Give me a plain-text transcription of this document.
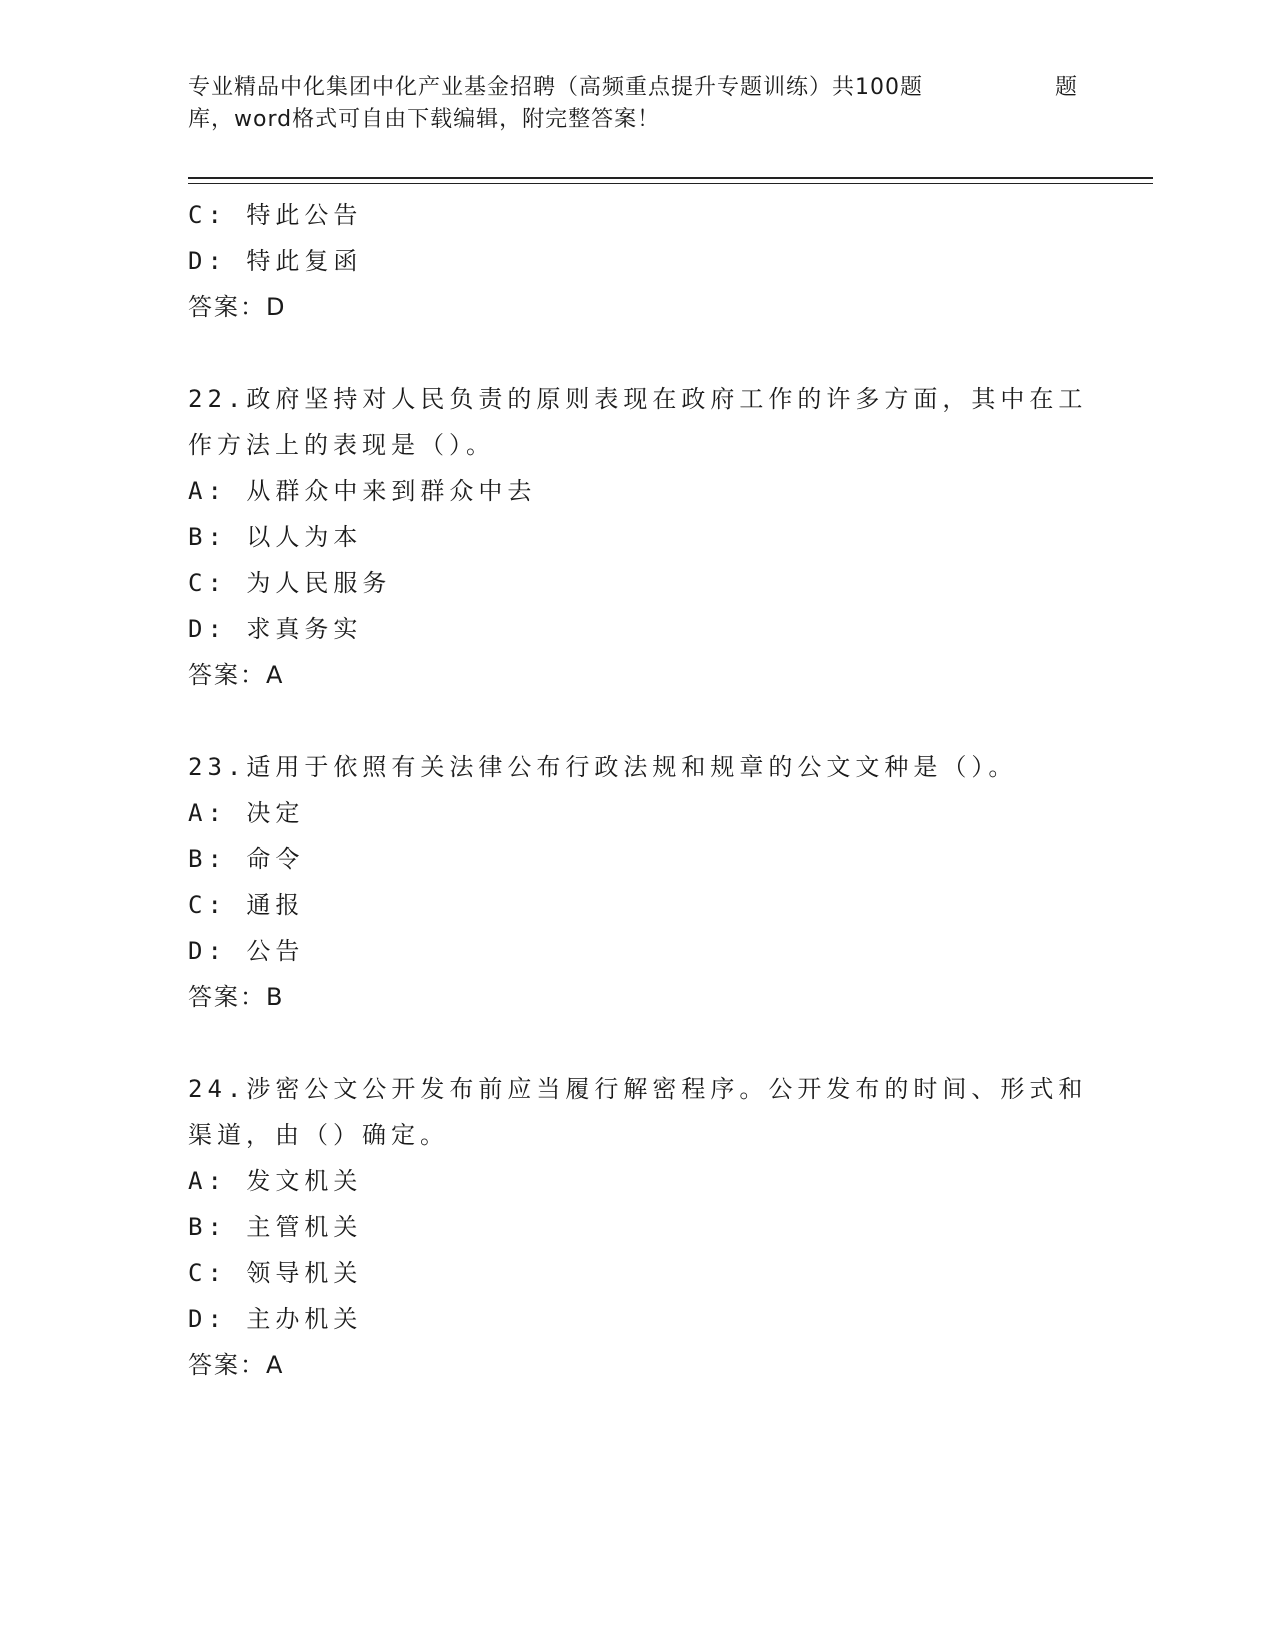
专业精品中化集团中化产业基金招聘（高频重点提升专题训练）共100题	题
库，word格式可自由下载编辑，附完整答案！

C: 特此公告

D: 特此复函

答案：D

22.政府坚持对人民负责的原则表现在政府工作的许多方面，其中在工

作方法上的表现是（）。

A: 从群众中来到群众中去

B: 以人为本

C: 为人民服务

D: 求真务实

答案：A

23.适用于依照有关法律公布行政法规和规章的公文文种是（）。

A: 决定

B: 命令

C: 通报

D: 公告

答案：B

24.涉密公文公开发布前应当履行解密程序。公开发布的时间、形式和

渠道，由（）确定。

A: 发文机关

B: 主管机关

C: 领导机关

D: 主办机关

答案：A
